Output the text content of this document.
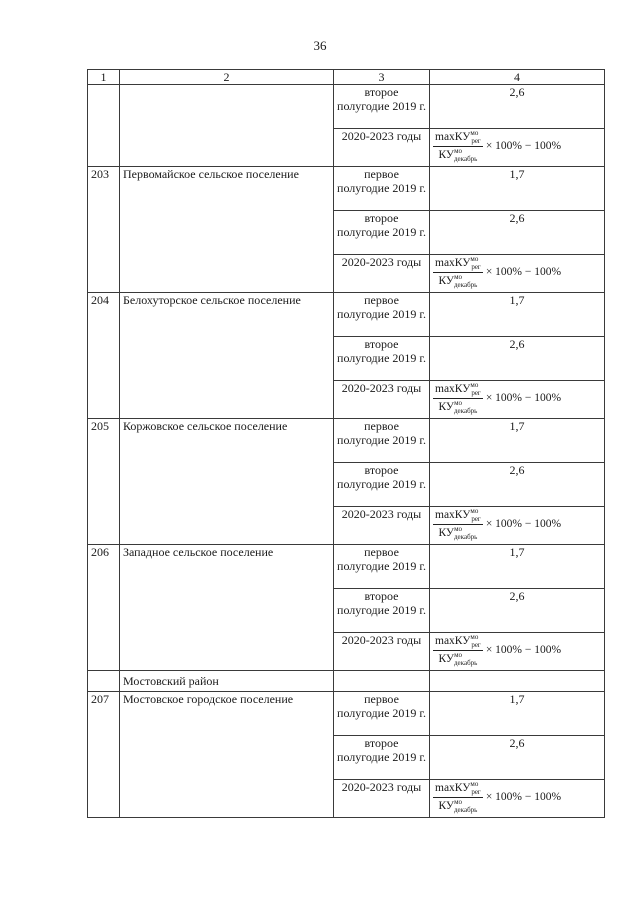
36
1	2	3	4
		второе полугодие 2019 г.	2,6
		2020-2023 годы	$\frac{\max КУ^{мо}_{рег}}{КУ^{мо}_{декабрь}} \times 100\% - 100\%$

203	Первомайское сельское поселение	первое полугодие 2019 г.	1,7
		второе полугодие 2019 г.	2,6
		2020-2023 годы	$\frac{\max КУ^{мо}_{рег}}{КУ^{мо}_{декабрь}} \times 100\% - 100\%$

204	Белохуторское сельское поселение	первое полугодие 2019 г.	1,7
		второе полугодие 2019 г.	2,6
		2020-2023 годы	$\frac{\max КУ^{мо}_{рег}}{КУ^{мо}_{декабрь}} \times 100\% - 100\%$

205	Коржовское сельское поселение	первое полугодие 2019 г.	1,7
		второе полугодие 2019 г.	2,6
		2020-2023 годы	$\frac{\max КУ^{мо}_{рег}}{КУ^{мо}_{декабрь}} \times 100\% - 100\%$

206	Западное сельское поселение	первое полугодие 2019 г.	1,7
		второе полугодие 2019 г.	2,6
		2020-2023 годы	$\frac{\max КУ^{мо}_{рег}}{КУ^{мо}_{декабрь}} \times 100\% - 100\%$

	Мостовский район		
207	Мостовское городское поселение	первое полугодие 2019 г.	1,7
		второе полугодие 2019 г.	2,6
		2020-2023 годы	$\frac{\max КУ^{мо}_{рег}}{КУ^{мо}_{декабрь}} \times 100\% - 100\%$
